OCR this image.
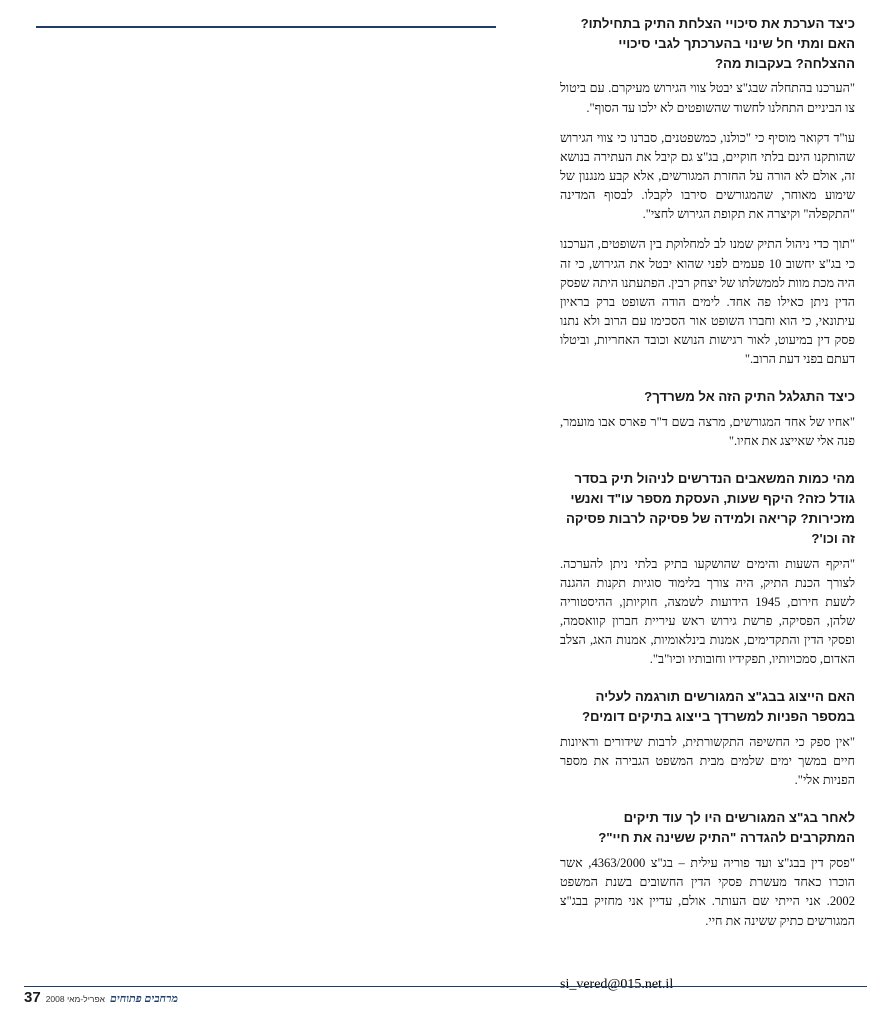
כיצד הערכת את סיכויי הצלחת התיק בתחילתו? האם ומתי חל שינוי בהערכתך לגבי סיכויי ההצלחה? בעקבות מה?

"הערכנו בהתחלה שבג"צ יבטל צווי הגירוש מעיקרם. עם ביטול צו הביניים התחלנו לחשוד שהשופטים לא ילכו עד הסוף".

עו"ד דקואר מוסיף כי "כולנו, כמשפטנים, סברנו כי צווי הגירוש שהותקנו הינם בלתי חוקיים, בג"צ גם קיבל את העתירה בנושא זה, אולם לא הורה על החזרת המגורשים, אלא קבע מנגנון של שימוע מאוחר, שהמגורשים סירבו לקבלו. לבסוף המדינה "התקפלה" וקיצרה את תקופת הגירוש לחצי".

"תוך כדי ניהול התיק שמנו לב למחלוקת בין השופטים, הערכנו כי בג"צ יחשוב 10 פעמים לפני שהוא יבטל את הגירוש, כי זה היה מכת מוות לממשלתו של יצחק רבין. הפתעתנו היתה שפסק הדין ניתן כאילו פה אחד. לימים הודה השופט ברק בראיון עיתונאי, כי הוא וחברו השופט אור הסכימו עם הרוב ולא נתנו פסק דין במיעוט, לאור רגישות הנושא וכובד האחריות, וביטלו דעתם בפני דעת הרוב."

כיצד התגלגל התיק הזה אל משרדך?

"אחיו של אחד המגורשים, מרצה בשם ד"ר פארס אבו מועמר, פנה אלי שאייצג את אחיו."

מהי כמות המשאבים הנדרשים לניהול תיק בסדר גודל כזה? היקף שעות, העסקת מספר עו"ד ואנשי מזכירות? קריאה ולמידה של פסיקה לרבות פסיקה זה וכו'?

"היקף השעות והימים שהושקעו בתיק בלתי ניתן להערכה. לצורך הכנת התיק, היה צורך בלימוד סוגיות תקנות ההגנה לשעת חירום, 1945 הידועות לשמצה, חוקיותן, ההיסטוריה שלהן, הפסיקה, פרשת גירוש ראש עיריית חברון קוואסמה, ופסקי הדין והתקדימים, אמנות בינלאומיות, אמנות האג, הצלב האדום, סמכויותיו, תפקידיו וחובותיו וכיו"ב".

האם הייצוג בבג"צ המגורשים תורגמה לעליה במספר הפניות למשרדך בייצוג בתיקים דומים?

"אין ספק כי החשיפה התקשורתית, לרבות שידורים וראיונות חיים במשך ימים שלמים מבית המשפט הגבירה את מספר הפניות אלי".

לאחר בג"צ המגורשים היו לך עוד תיקים המתקרבים להגדרה "התיק ששינה את חיי"?

"פסק דין בבג"צ ועד פוריה עילית – בג"צ 4363/2000, אשר הוכרו כאחד מעשרת פסקי הדין החשובים בשנת המשפט 2002. אני הייתי שם העותר. אולם, עדיין אני מחזיק בבג"צ המגורשים כתיק ששינה את חיי.

si_vered@015.net.il
37 אפריל-מאי 2008 מרחבים פתוחים
